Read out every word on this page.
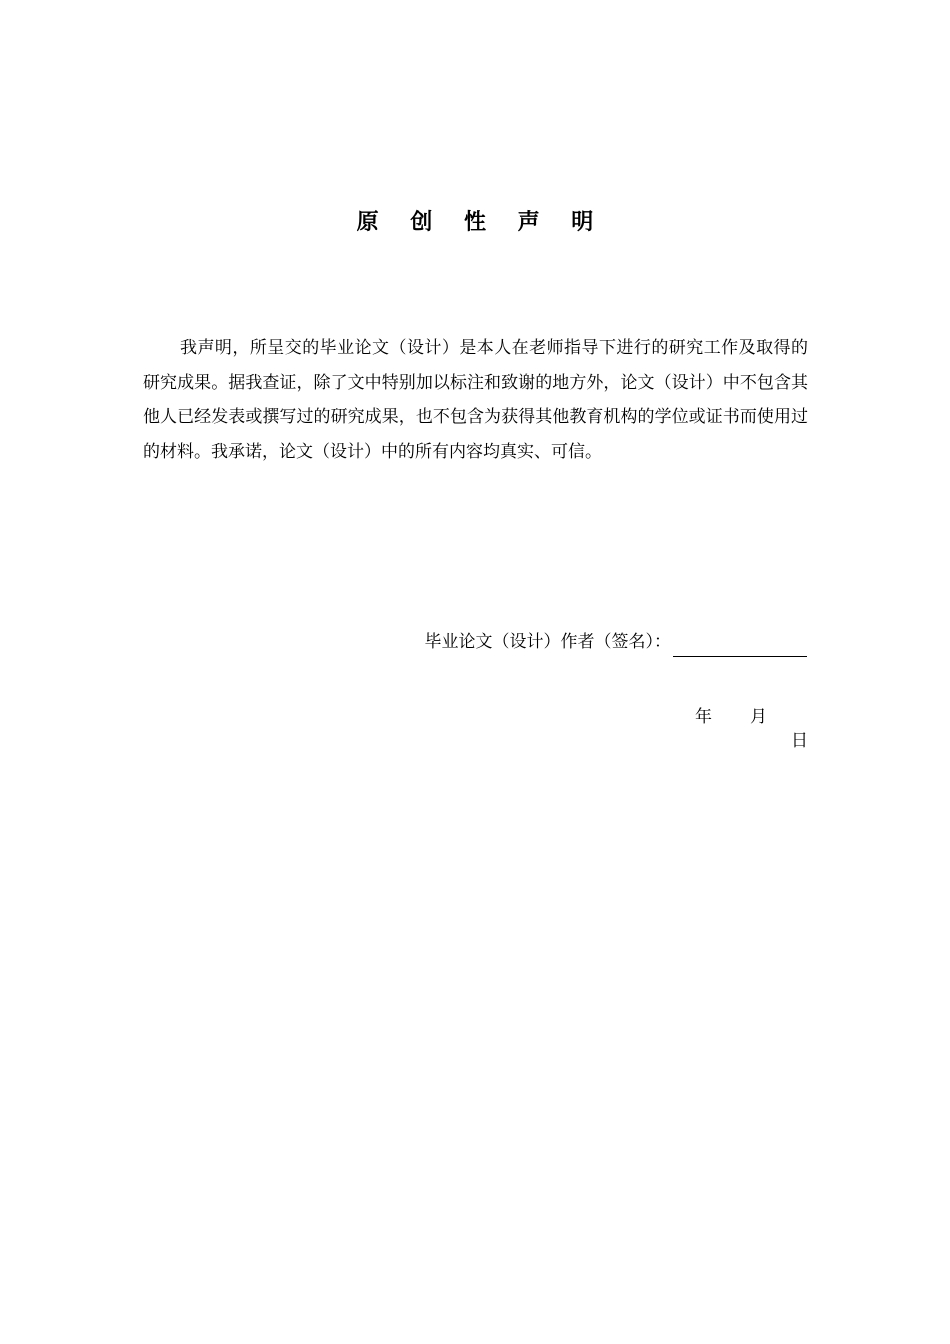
原 创 性 声 明

我声明，所呈交的毕业论文（设计）是本人在老师指导下进行的研究工作及取得的研究成果。据我查证，除了文中特别加以标注和致谢的地方外，论文（设计）中不包含其他人已经发表或撰写过的研究成果，也不包含为获得其他教育机构的学位或证书而使用过的材料。我承诺，论文（设计）中的所有内容均真实、可信。

毕业论文（设计）作者（签名）：
年 月
日
